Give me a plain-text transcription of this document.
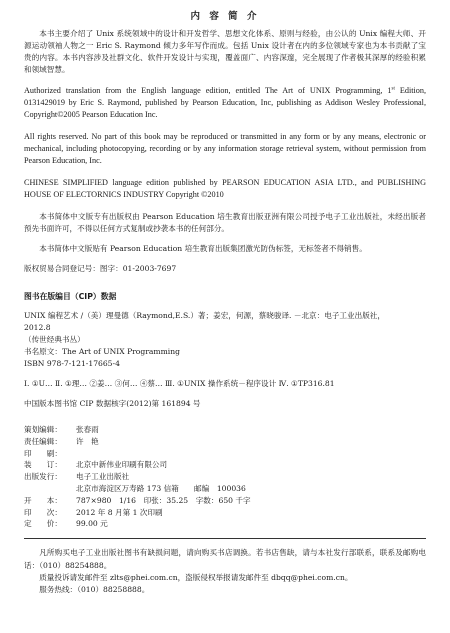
内 容 简 介

本书主要介绍了 Unix 系统领域中的设计和开发哲学、思想文化体系、原则与经验，由公认的 Unix 编程大师、开源运动领袖人物之一 Eric S. Raymond 倾力多年写作而成。包括 Unix 设计者在内的多位领域专家也为本书贡献了宝贵的内容。本书内容涉及社群文化、软件开发设计与实现，覆盖面广、内容深邃，完全展现了作者极其深厚的经验积累和领域智慧。

Authorized translation from the English language edition, entitled The Art of UNIX Programming, 1st Edition, 0131429019 by Eric S. Raymond, published by Pearson Education, Inc, publishing as Addison Wesley Professional, Copyright©2005 Pearson Education Inc.

All rights reserved. No part of this book may be reproduced or transmitted in any form or by any means, electronic or mechanical, including photocopying, recording or by any information storage retrieval system, without permission from Pearson Education, Inc.

CHINESE SIMPLIFIED language edition published by PEARSON EDUCATION ASIA LTD., and PUBLISHING HOUSE OF ELECTORNICS INDUSTRY Copyright ©2010

本书简体中文版专有出版权由 Pearson Education 培生教育出版亚洲有限公司授予电子工业出版社，未经出版者预先书面许可，不得以任何方式复制或抄袭本书的任何部分。

本书简体中文版贴有 Pearson Education 培生教育出版集团激光防伪标签，无标签者不得销售。

版权贸易合同登记号：图字：01-2003-7697

图书在版编目（CIP）数据

UNIX 编程艺术 /（美）理曼德（Raymond,E.S.）著；姜宏，何源，蔡晓骏译. －北京：电子工业出版社，

2012.8

（传世经典书丛）

书名原文：The Art of UNIX Programming

ISBN 978-7-121-17665-4

Ⅰ. ①U… Ⅱ. ①理… ②姜… ③何… ④蔡… Ⅲ. ①UNIX 操作系统－程序设计 Ⅳ. ①TP316.81

中国版本图书馆 CIP 数据核字(2012)第 161894 号

策划编辑：	张春雨
责任编辑：	许　艳
印　　刷：
装　　订：	北京中新伟业印刷有限公司
出版发行：	电子工业出版社
北京市海淀区万寿路 173 信箱　　邮编　100036
开　　本：	787×980　1/16　印张：35.25　字数：650 千字
印　　次：	2012 年 8 月第 1 次印刷
定　　价：	99.00 元

凡所购买电子工业出版社图书有缺损问题，请向购买书店调换。若书店售缺，请与本社发行部联系，联系及邮购电话：（010）88254888。

质量投诉请发邮件至 zlts@phei.com.cn，盗版侵权举报请发邮件至 dbqq@phei.com.cn。

服务热线：（010）88258888。
